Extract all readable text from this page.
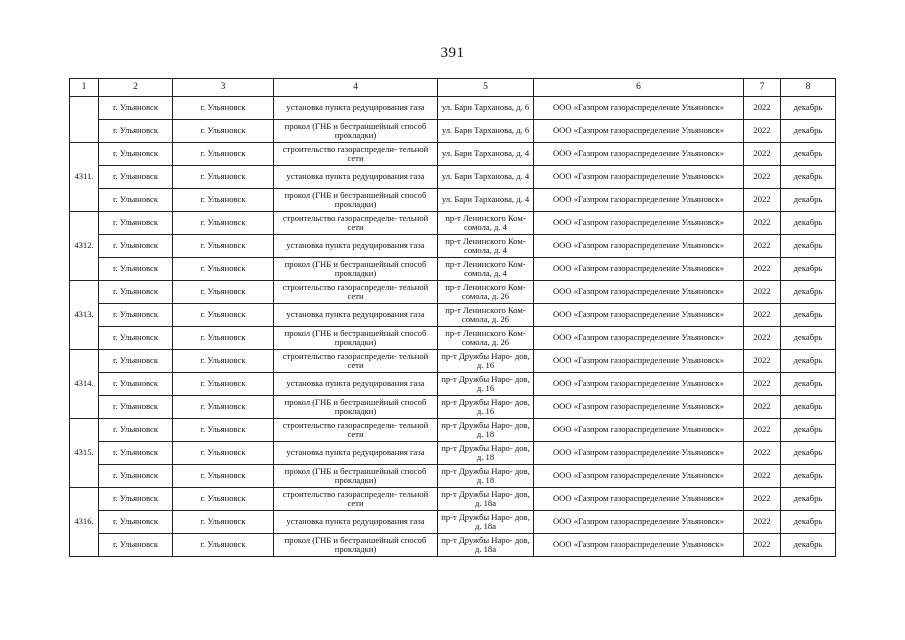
391
1	2	3	4	5	6	7	8
	г. Ульяновск	г. Ульяновск	установка пункта редуцирования газа	ул. Бари Тарханова, д. 6	ООО «Газпром газораспределение Ульяновск»	2022	декабрь
	г. Ульяновск	г. Ульяновск	прокол (ГНБ и бестраншейный способ прокладки)	ул. Бари Тарханова, д. 6	ООО «Газпром газораспределение Ульяновск»	2022	декабрь
4311.	г. Ульяновск	г. Ульяновск	строительство газораспредели- тельной сети	ул. Бари Тарханова, д. 4	ООО «Газпром газораспределение Ульяновск»	2022	декабрь
	г. Ульяновск	г. Ульяновск	установка пункта редуцирования газа	ул. Бари Тарханова, д. 4	ООО «Газпром газораспределение Ульяновск»	2022	декабрь
	г. Ульяновск	г. Ульяновск	прокол (ГНБ и бестраншейный способ прокладки)	ул. Бари Тарханова, д. 4	ООО «Газпром газораспределение Ульяновск»	2022	декабрь
4312.	г. Ульяновск	г. Ульяновск	строительство газораспредели- тельной сети	пр-т Ленинского Ком- сомола, д. 4	ООО «Газпром газораспределение Ульяновск»	2022	декабрь
	г. Ульяновск	г. Ульяновск	установка пункта редуцирования газа	пр-т Ленинского Ком- сомола, д. 4	ООО «Газпром газораспределение Ульяновск»	2022	декабрь
	г. Ульяновск	г. Ульяновск	прокол (ГНБ и бестраншейный способ прокладки)	пр-т Ленинского Ком- сомола, д. 4	ООО «Газпром газораспределение Ульяновск»	2022	декабрь
4313.	г. Ульяновск	г. Ульяновск	строительство газораспредели- тельной сети	пр-т Ленинского Ком- сомола, д. 26	ООО «Газпром газораспределение Ульяновск»	2022	декабрь
	г. Ульяновск	г. Ульяновск	установка пункта редуцирования газа	пр-т Ленинского Ком- сомола, д. 26	ООО «Газпром газораспределение Ульяновск»	2022	декабрь
	г. Ульяновск	г. Ульяновск	прокол (ГНБ и бестраншейный способ прокладки)	пр-т Ленинского Ком- сомола, д. 26	ООО «Газпром газораспределение Ульяновск»	2022	декабрь
4314.	г. Ульяновск	г. Ульяновск	строительство газораспредели- тельной сети	пр-т Дружбы Наро- дов, д. 16	ООО «Газпром газораспределение Ульяновск»	2022	декабрь
	г. Ульяновск	г. Ульяновск	установка пункта редуцирования газа	пр-т Дружбы Наро- дов, д. 16	ООО «Газпром газораспределение Ульяновск»	2022	декабрь
	г. Ульяновск	г. Ульяновск	прокол (ГНБ и бестраншейный способ прокладки)	пр-т Дружбы Наро- дов, д. 16	ООО «Газпром газораспределение Ульяновск»	2022	декабрь
4315.	г. Ульяновск	г. Ульяновск	строительство газораспредели- тельной сети	пр-т Дружбы Наро- дов, д. 18	ООО «Газпром газораспределение Ульяновск»	2022	декабрь
	г. Ульяновск	г. Ульяновск	установка пункта редуцирования газа	пр-т Дружбы Наро- дов, д. 18	ООО «Газпром газораспределение Ульяновск»	2022	декабрь
	г. Ульяновск	г. Ульяновск	прокол (ГНБ и бестраншейный способ прокладки)	пр-т Дружбы Наро- дов, д. 18	ООО «Газпром газораспределение Ульяновск»	2022	декабрь
4316.	г. Ульяновск	г. Ульяновск	строительство газораспредели- тельной сети	пр-т Дружбы Наро- дов, д. 18а	ООО «Газпром газораспределение Ульяновск»	2022	декабрь
	г. Ульяновск	г. Ульяновск	установка пункта редуцирования газа	пр-т Дружбы Наро- дов, д. 18а	ООО «Газпром газораспределение Ульяновск»	2022	декабрь
	г. Ульяновск	г. Ульяновск	прокол (ГНБ и бестраншейный способ прокладки)	пр-т Дружбы Наро- дов, д. 18а	ООО «Газпром газораспределение Ульяновск»	2022	декабрь
